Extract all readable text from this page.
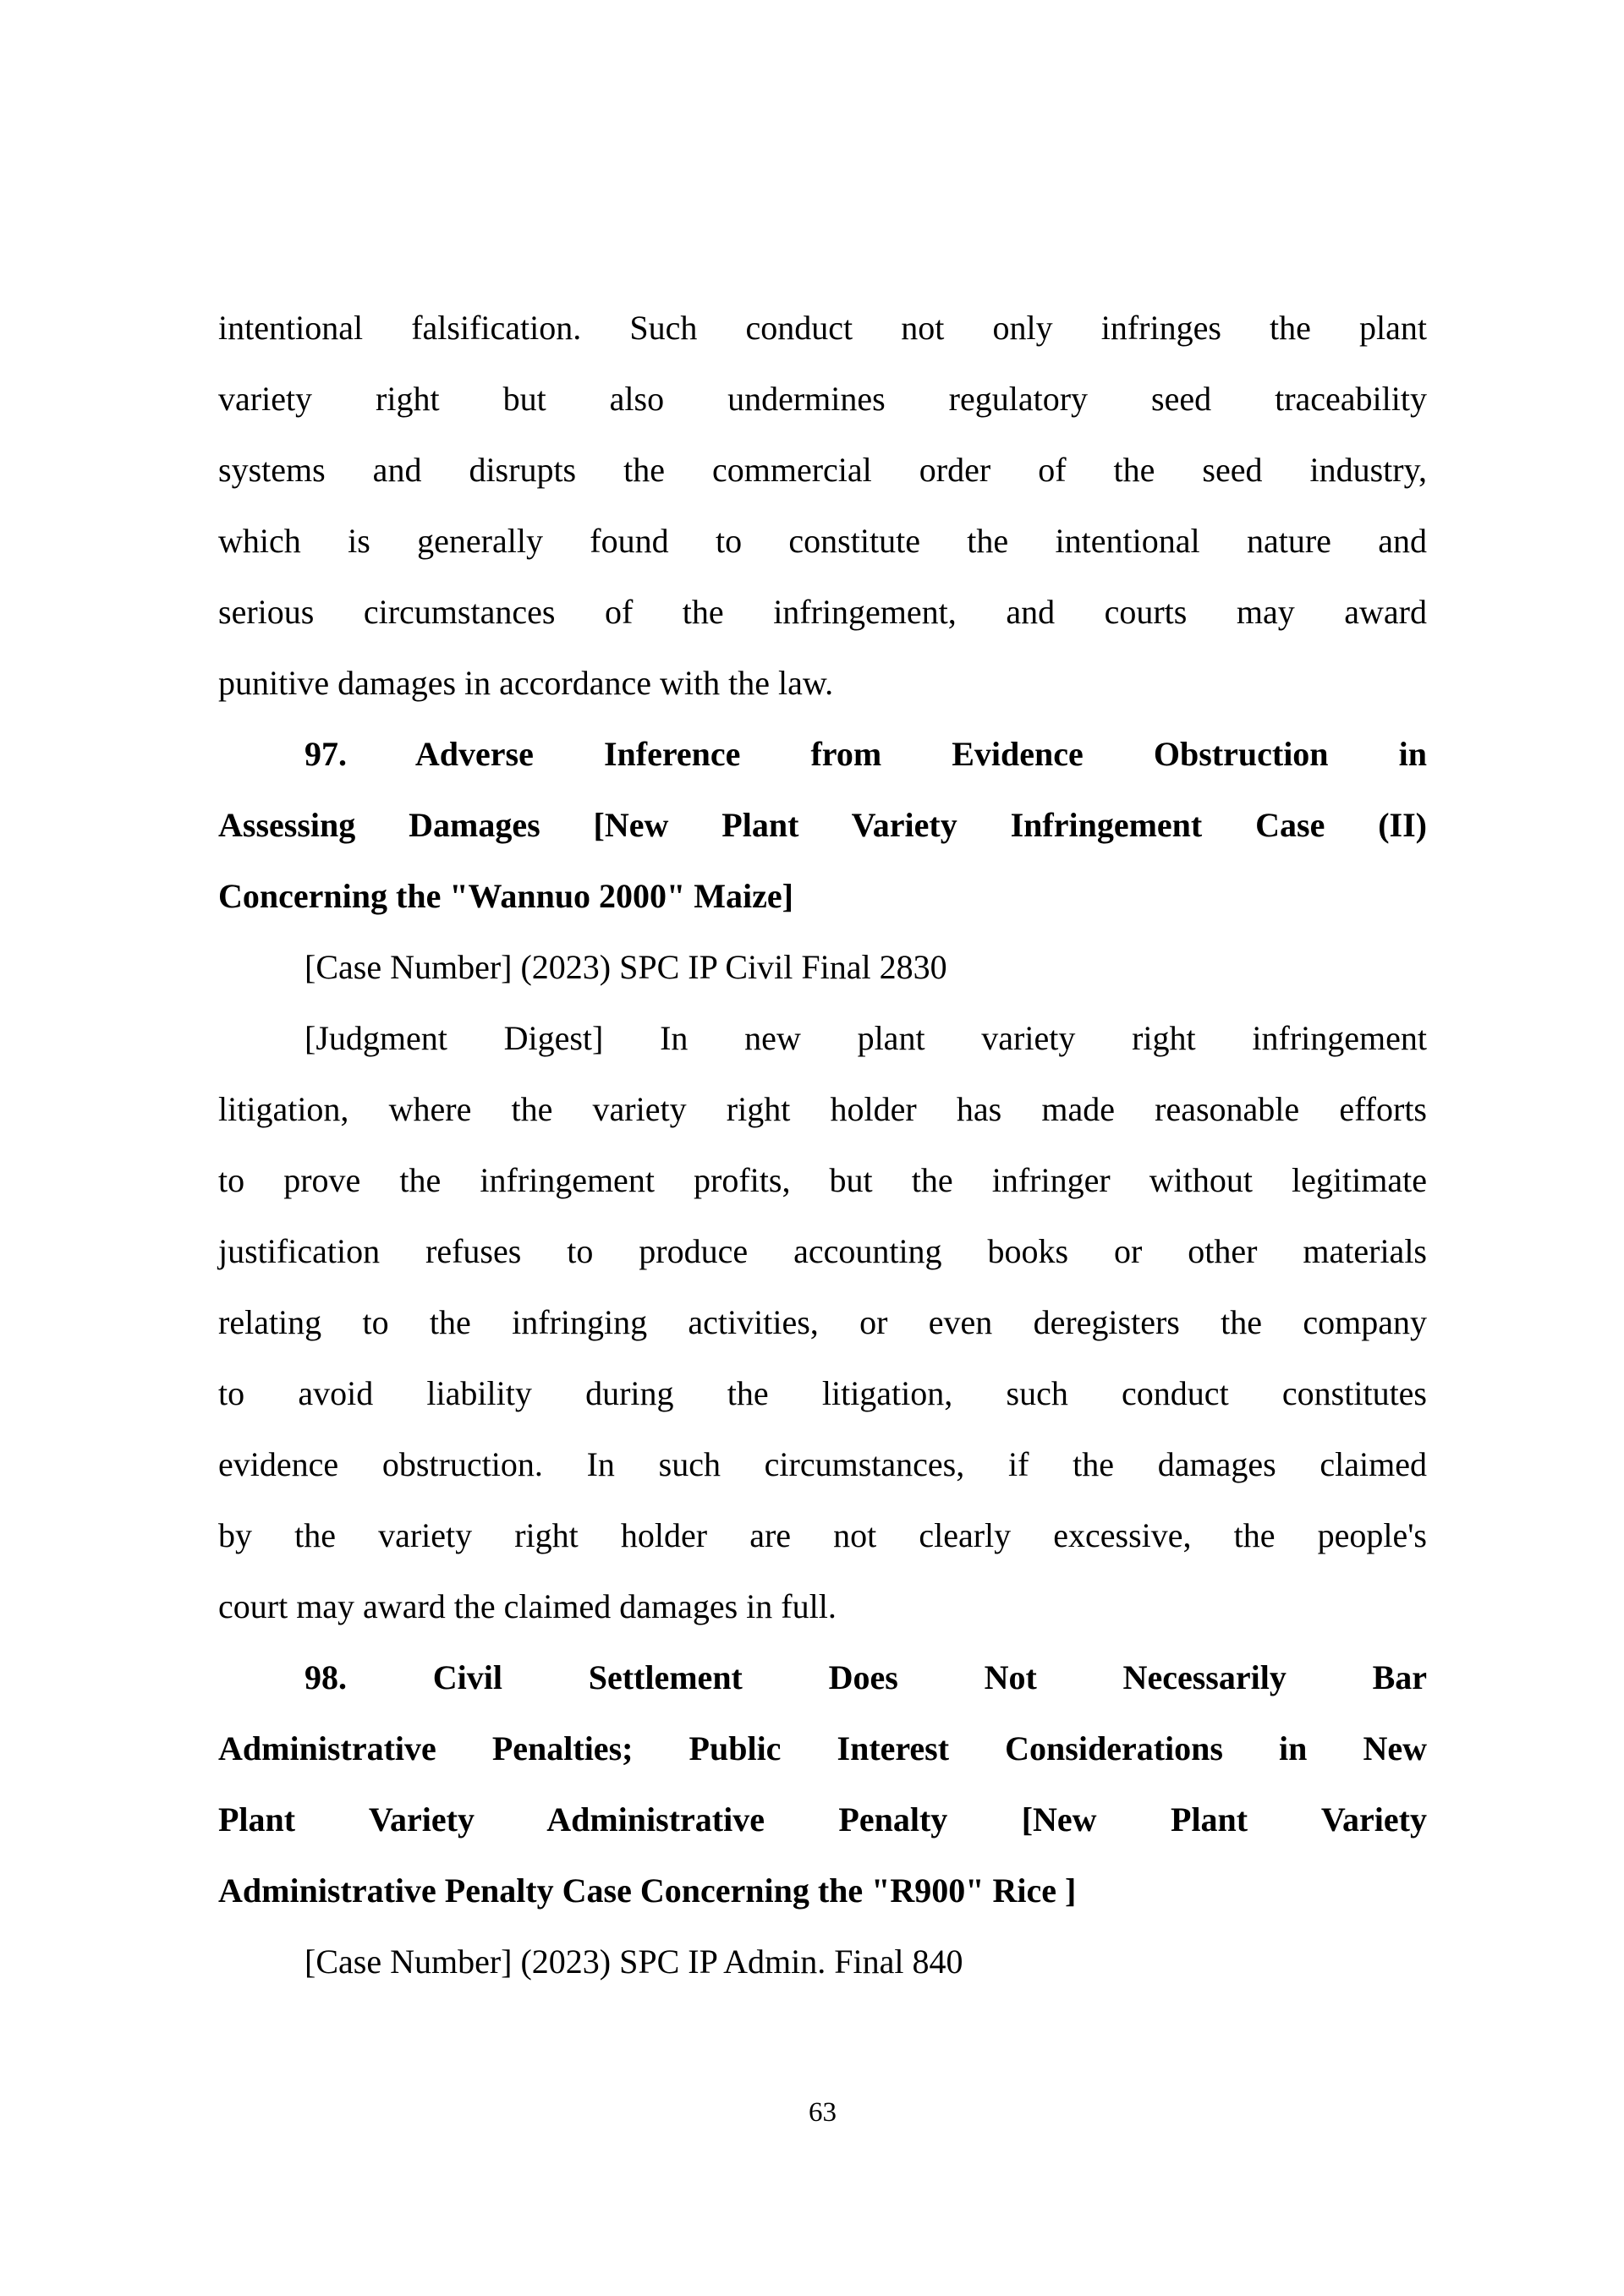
intentional falsification. Such conduct not only infringes the plant
variety right but also undermines regulatory seed traceability
systems and disrupts the commercial order of the seed industry,
which is generally found to constitute the intentional nature and
serious circumstances of the infringement, and courts may award
punitive damages in accordance with the law.

97. Adverse Inference from Evidence Obstruction in
Assessing Damages [New Plant Variety Infringement Case (II)
Concerning the "Wannuo 2000" Maize]

[Case Number] (2023) SPC IP Civil Final 2830

[Judgment Digest] In new plant variety right infringement
litigation, where the variety right holder has made reasonable efforts
to prove the infringement profits, but the infringer without legitimate
justification refuses to produce accounting books or other materials
relating to the infringing activities, or even deregisters the company
to avoid liability during the litigation, such conduct constitutes
evidence obstruction. In such circumstances, if the damages claimed
by the variety right holder are not clearly excessive, the people's
court may award the claimed damages in full.

98. Civil Settlement Does Not Necessarily Bar
Administrative Penalties; Public Interest Considerations in New
Plant Variety Administrative Penalty [New Plant Variety
Administrative Penalty Case Concerning the "R900" Rice ]

[Case Number] (2023) SPC IP Admin. Final 840

63
